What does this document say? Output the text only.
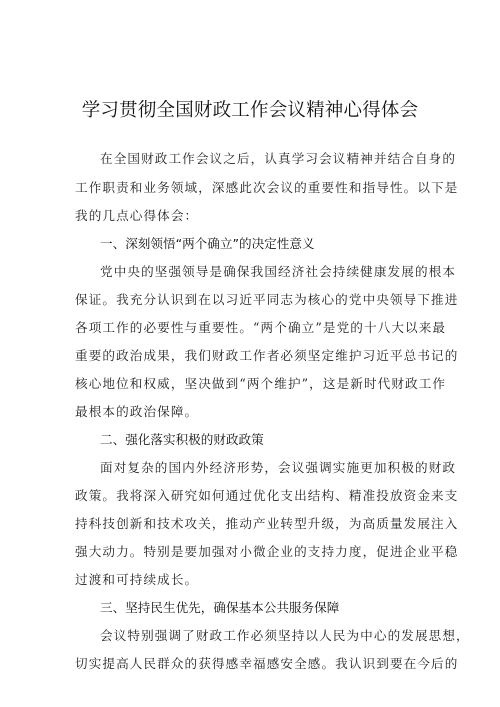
学习贯彻全国财政工作会议精神心得体会
在全国财政工作会议之后，认真学习会议精神并结合自身的
工作职责和业务领域，深感此次会议的重要性和指导性。以下是
我的几点心得体会：
一、深刻领悟“两个确立”的决定性意义
党中央的坚强领导是确保我国经济社会持续健康发展的根本
保证。我充分认识到在以习近平同志为核心的党中央领导下推进
各项工作的必要性与重要性。“两个确立”是党的十八大以来最
重要的政治成果，我们财政工作者必须坚定维护习近平总书记的
核心地位和权威，坚决做到“两个维护”，这是新时代财政工作
最根本的政治保障。
二、强化落实积极的财政政策
面对复杂的国内外经济形势，会议强调实施更加积极的财政
政策。我将深入研究如何通过优化支出结构、精准投放资金来支
持科技创新和技术攻关，推动产业转型升级，为高质量发展注入
强大动力。特别是要加强对小微企业的支持力度，促进企业平稳
过渡和可持续成长。
三、坚持民生优先，确保基本公共服务保障
会议特别强调了财政工作必须坚持以人民为中心的发展思想，
切实提高人民群众的获得感幸福感安全感。我认识到要在今后的
